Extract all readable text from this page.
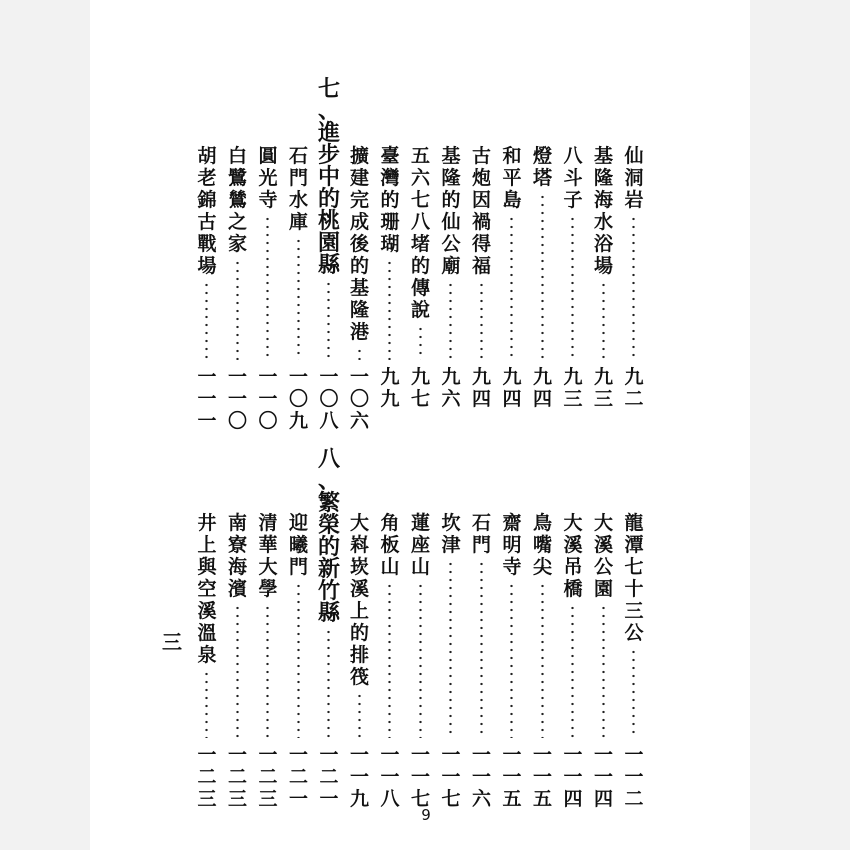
仙
洞
岩
九
二
基
隆
海
水
浴
場
九
三
八
斗
子
九
三
燈
塔
九
四
和
平
島
九
四
古
炮
因
禍
得
福
九
四
基
隆
的
仙
公
廟
九
六
五
六
七
八
堵
的
傳
說
九
七
臺
灣
的
珊
瑚
九
九
擴
建
完
成
後
的
基
隆
港
一
〇
六
七
、
進
步
中
的
桃
園
縣
一
〇
八
石
門
水
庫
一
〇
九
圓
光
寺
一
一
〇
白
鷺
鷥
之
家
一
一
〇
胡
老
錦
古
戰
場
一
一
一
龍
潭
七
十
三
公
一
一
二
大
溪
公
園
一
一
四
大
溪
吊
橋
一
一
四
鳥
嘴
尖
一
一
五
齋
明
寺
一
一
五
石
門
一
一
六
坎
津
一
一
七
蓮
座
山
一
一
七
角
板
山
一
一
八
大
嵙
崁
溪
上
的
排
筏
一
一
九
八
、
繁
榮
的
新
竹
縣
一
二
一
迎
曦
門
一
二
一
清
華
大
學
一
二
三
南
寮
海
濱
一
二
三
井
上
與
空
溪
溫
泉
一
二
三
三
9
